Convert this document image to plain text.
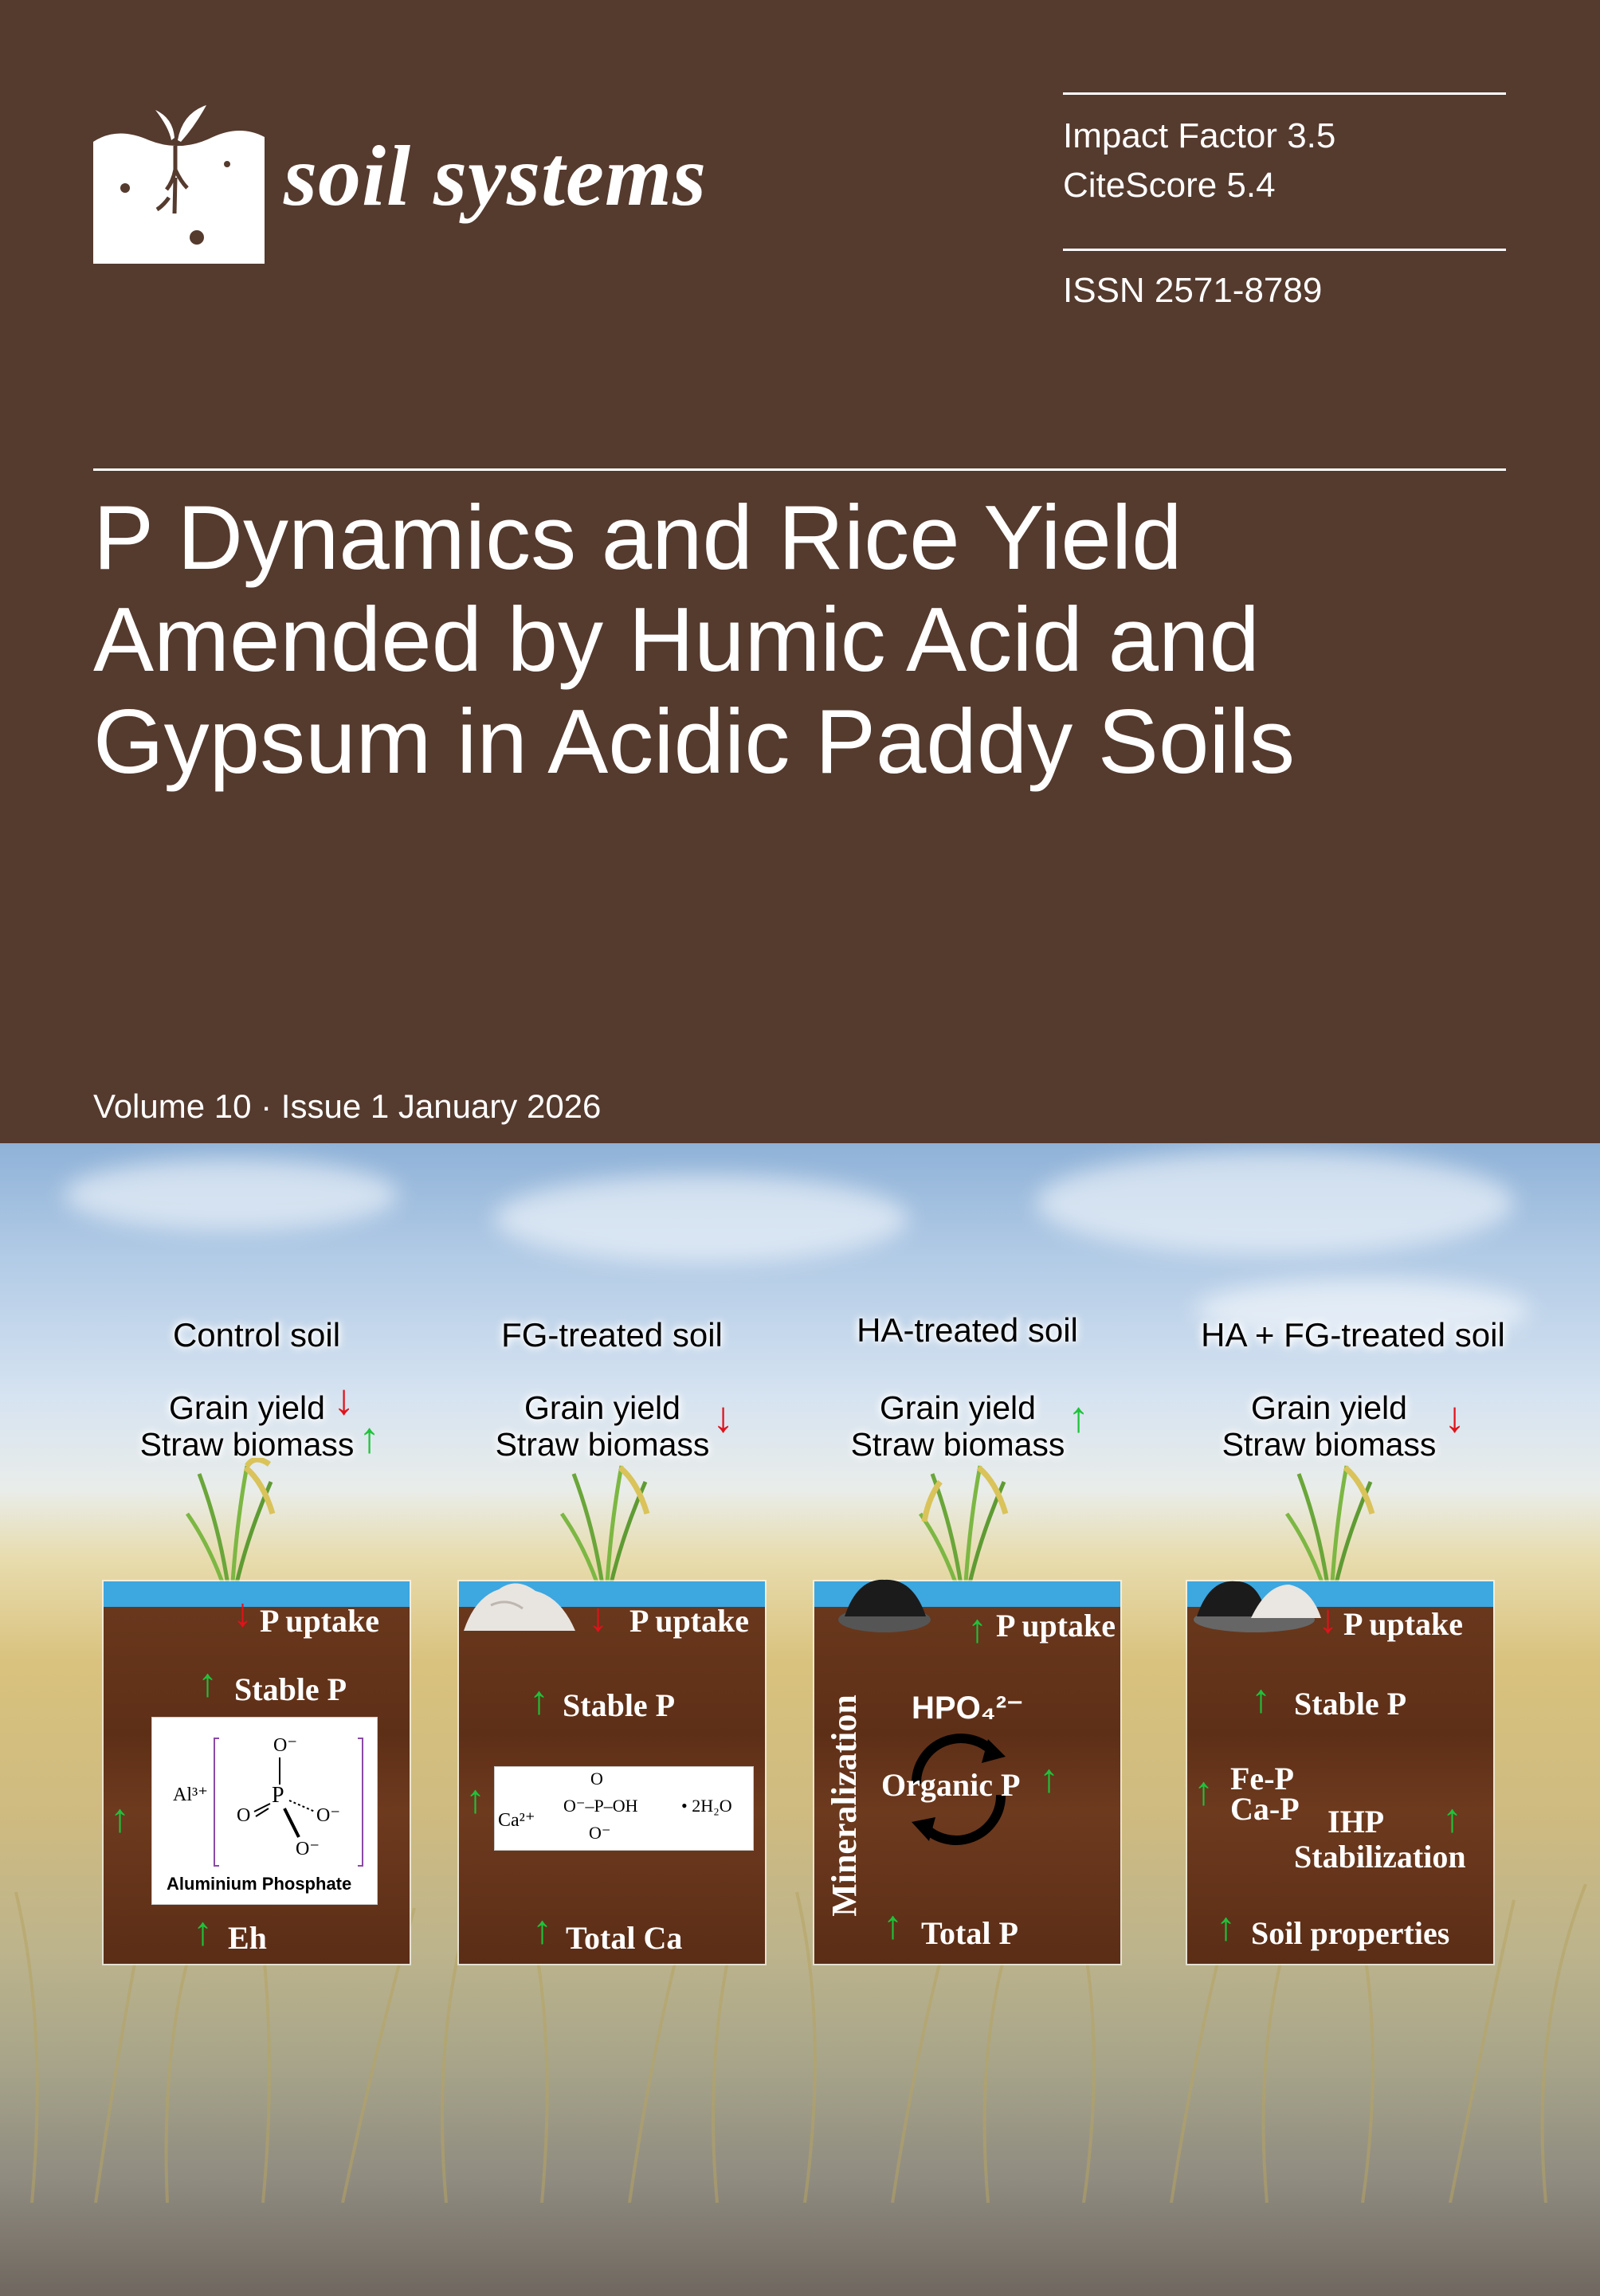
soil systems	Impact Factor 3.5
CiteScore 5.4
ISSN 2571-8789
P Dynamics and Rice Yield
Amended by Humic Acid and
Gypsum in Acidic Paddy Soils
Volume 10 · Issue 1 January 2026
Control soil	FG-treated soil	HA-treated soil	HA + FG-treated soil
Grain yield
Straw biomass
↓
↑
Grain yield
Straw biomass
↓	Grain yield
Straw biomass
↑	Grain yield
Straw biomass
↓
↓ P uptake
↑ Stable P
↑
Al³⁺
O⁻
P
O⁻
O
O⁻
Aluminium Phosphate
↑ Eh
↓ P uptake
↑ Stable P
↑ Ca²⁺
O
O⁻–P–OH
O⁻
• 2H₂O
↑ Total Ca
↑ P uptake
HPO₄²⁻
Organic P ↑
Mineralization
↑ Total P
↓ P uptake
↑ Stable P
↑ Fe-P
Ca-P IHP ↑
Stabilization
↑ Soil properties
